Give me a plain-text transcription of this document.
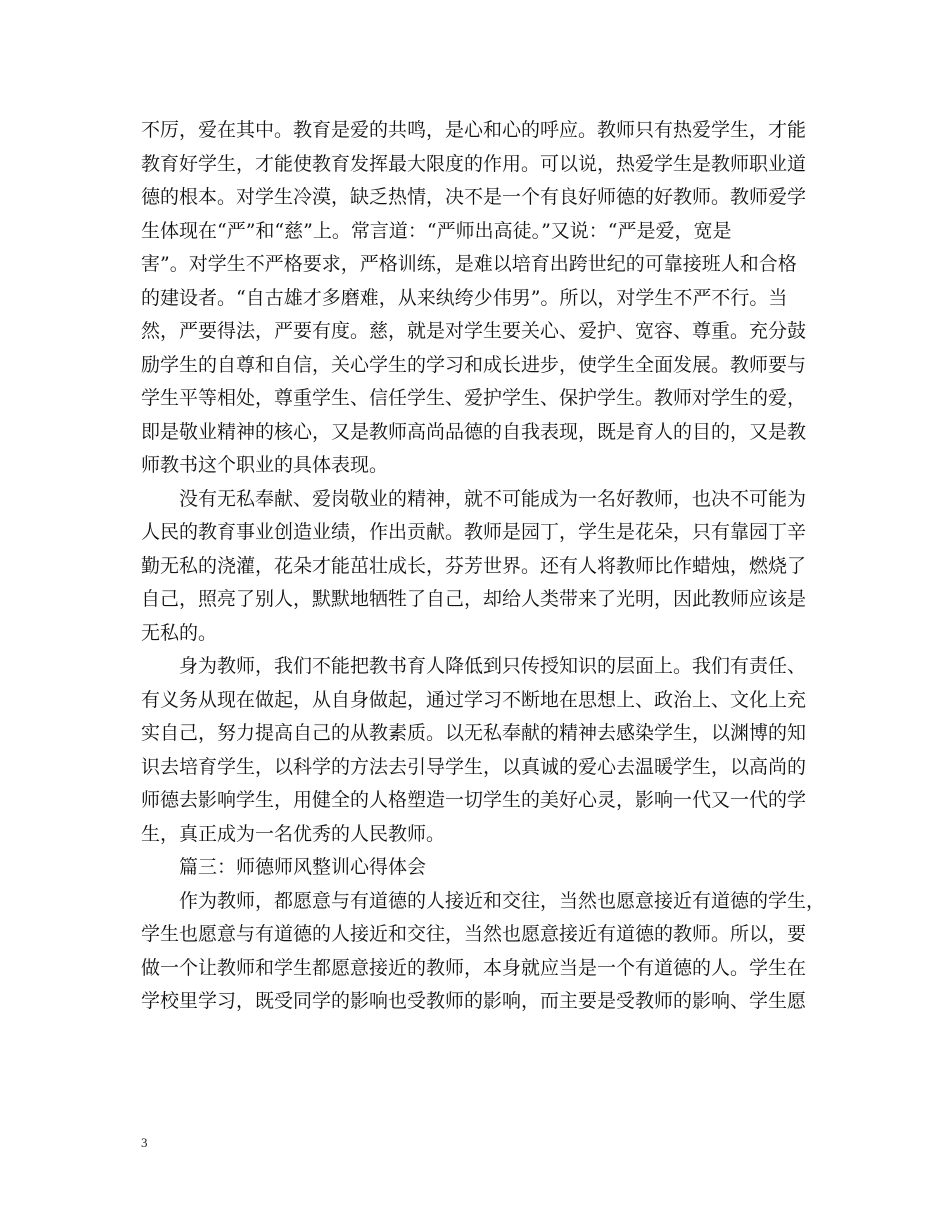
不厉，爱在其中。教育是爱的共鸣，是心和心的呼应。教师只有热爱学生，才能
教育好学生，才能使教育发挥最大限度的作用。可以说，热爱学生是教师职业道
德的根本。对学生冷漠，缺乏热情，决不是一个有良好师德的好教师。教师爱学
生体现在“严”和“慈”上。常言道：“严师出高徒。”又说：“严是爱，宽是
害”。对学生不严格要求，严格训练，是难以培育出跨世纪的可靠接班人和合格
的建设者。“自古雄才多磨难，从来纨绔少伟男”。所以，对学生不严不行。当
然，严要得法，严要有度。慈，就是对学生要关心、爱护、宽容、尊重。充分鼓
励学生的自尊和自信，关心学生的学习和成长进步，使学生全面发展。教师要与
学生平等相处，尊重学生、信任学生、爱护学生、保护学生。教师对学生的爱，
即是敬业精神的核心，又是教师高尚品德的自我表现，既是育人的目的，又是教
师教书这个职业的具体表现。

　　没有无私奉献、爱岗敬业的精神，就不可能成为一名好教师，也决不可能为
人民的教育事业创造业绩，作出贡献。教师是园丁，学生是花朵，只有靠园丁辛
勤无私的浇灌，花朵才能茁壮成长，芬芳世界。还有人将教师比作蜡烛，燃烧了
自己，照亮了别人，默默地牺牲了自己，却给人类带来了光明，因此教师应该是
无私的。

　　身为教师，我们不能把教书育人降低到只传授知识的层面上。我们有责任、
有义务从现在做起，从自身做起，通过学习不断地在思想上、政治上、文化上充
实自己，努力提高自己的从教素质。以无私奉献的精神去感染学生，以渊博的知
识去培育学生，以科学的方法去引导学生，以真诚的爱心去温暖学生，以高尚的
师德去影响学生，用健全的人格塑造一切学生的美好心灵，影响一代又一代的学
生，真正成为一名优秀的人民教师。

　　篇三：师德师风整训心得体会

　　作为教师，都愿意与有道德的人接近和交往，当然也愿意接近有道德的学生，
学生也愿意与有道德的人接近和交往，当然也愿意接近有道德的教师。所以，要
做一个让教师和学生都愿意接近的教师，本身就应当是一个有道德的人。学生在
学校里学习，既受同学的影响也受教师的影响，而主要是受教师的影响、学生愿

3
